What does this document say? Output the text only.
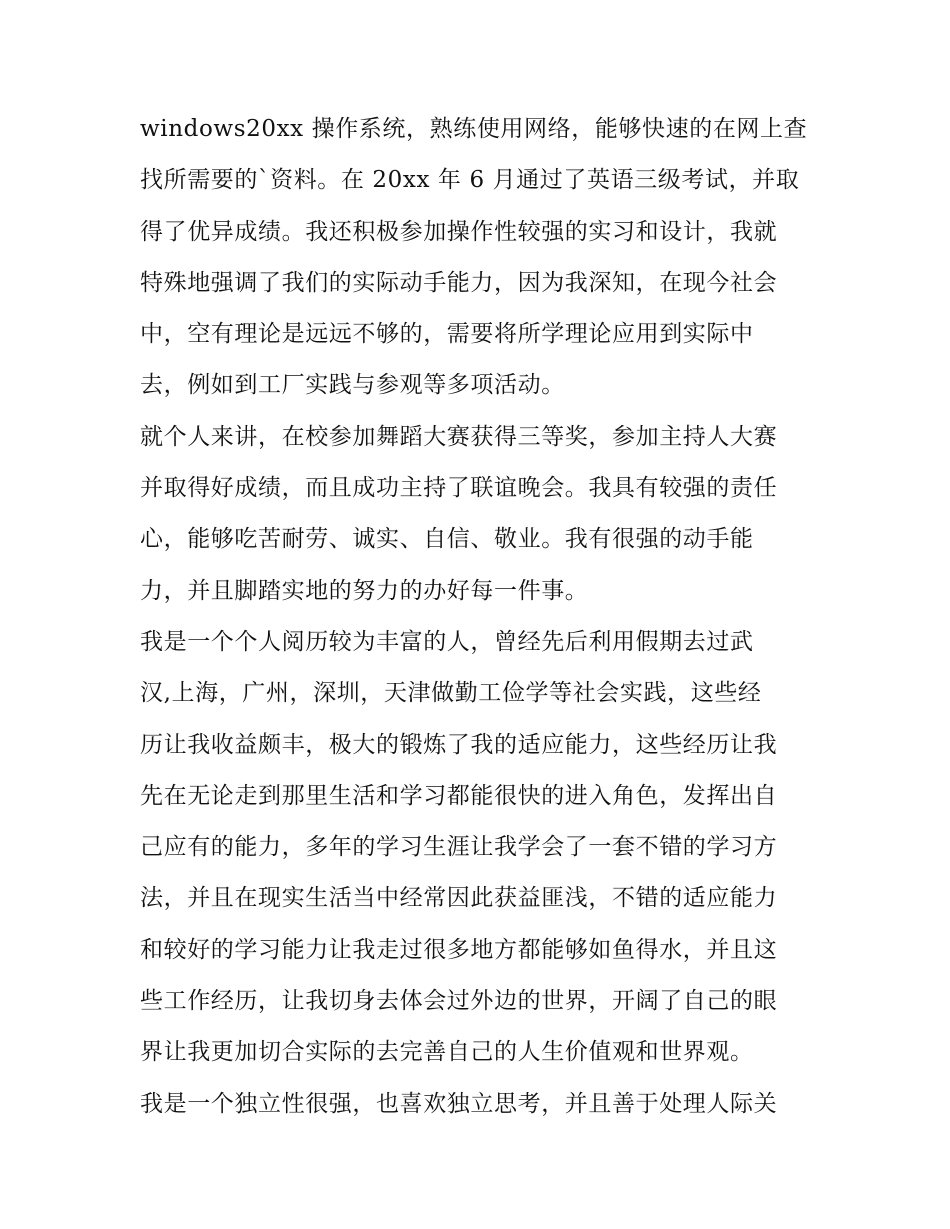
windows20xx 操作系统，熟练使用网络，能够快速的在网上查
找所需要的`资料。在 20xx 年 6 月通过了英语三级考试，并取
得了优异成绩。我还积极参加操作性较强的实习和设计，我就
特殊地强调了我们的实际动手能力，因为我深知，在现今社会
中，空有理论是远远不够的，需要将所学理论应用到实际中
去，例如到工厂实践与参观等多项活动。
就个人来讲，在校参加舞蹈大赛获得三等奖，参加主持人大赛
并取得好成绩，而且成功主持了联谊晚会。我具有较强的责任
心，能够吃苦耐劳、诚实、自信、敬业。我有很强的动手能
力，并且脚踏实地的努力的办好每一件事。
我是一个个人阅历较为丰富的人，曾经先后利用假期去过武
汉,上海，广州，深圳，天津做勤工俭学等社会实践，这些经
历让我收益颇丰，极大的锻炼了我的适应能力，这些经历让我
先在无论走到那里生活和学习都能很快的进入角色，发挥出自
己应有的能力，多年的学习生涯让我学会了一套不错的学习方
法，并且在现实生活当中经常因此获益匪浅，不错的适应能力
和较好的学习能力让我走过很多地方都能够如鱼得水，并且这
些工作经历，让我切身去体会过外边的世界，开阔了自己的眼
界让我更加切合实际的去完善自己的人生价值观和世界观。
我是一个独立性很强，也喜欢独立思考，并且善于处理人际关
